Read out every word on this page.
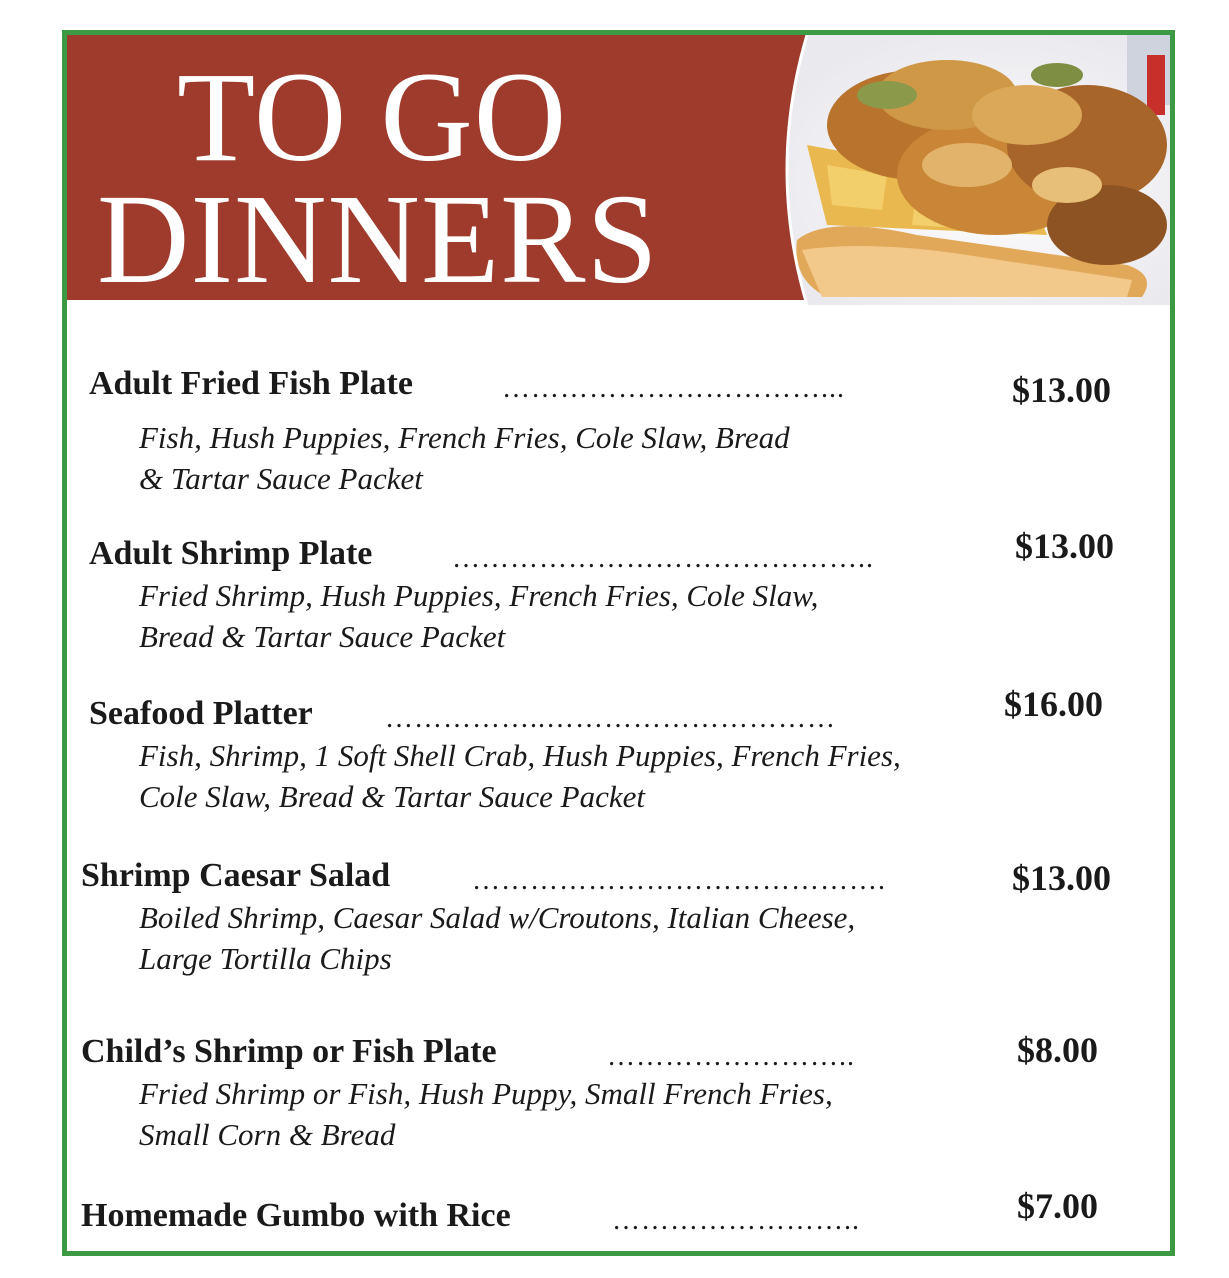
TO GO
DINNERS
Adult Fried Fish Plate	……………………………...	$13.00
Fish, Hush Puppies, French Fries, Cole Slaw, Bread
& Tartar Sauce Packet
Adult Shrimp Plate	……………………………………..	$13.00
Fried Shrimp, Hush Puppies, French Fries, Cole Slaw,
Bread & Tartar Sauce Packet
Seafood Platter	……………..…………………………	$16.00
Fish, Shrimp, 1 Soft Shell Crab, Hush Puppies, French Fries,
Cole Slaw, Bread & Tartar Sauce Packet
Shrimp Caesar Salad	…………………………………….	$13.00
Boiled Shrimp, Caesar Salad w/Croutons, Italian Cheese,
Large Tortilla Chips
Child’s Shrimp or Fish Plate	……………………..	$8.00
Fried Shrimp or Fish, Hush Puppy, Small French Fries,
Small Corn & Bread
Homemade Gumbo with Rice	……………………..	$7.00
